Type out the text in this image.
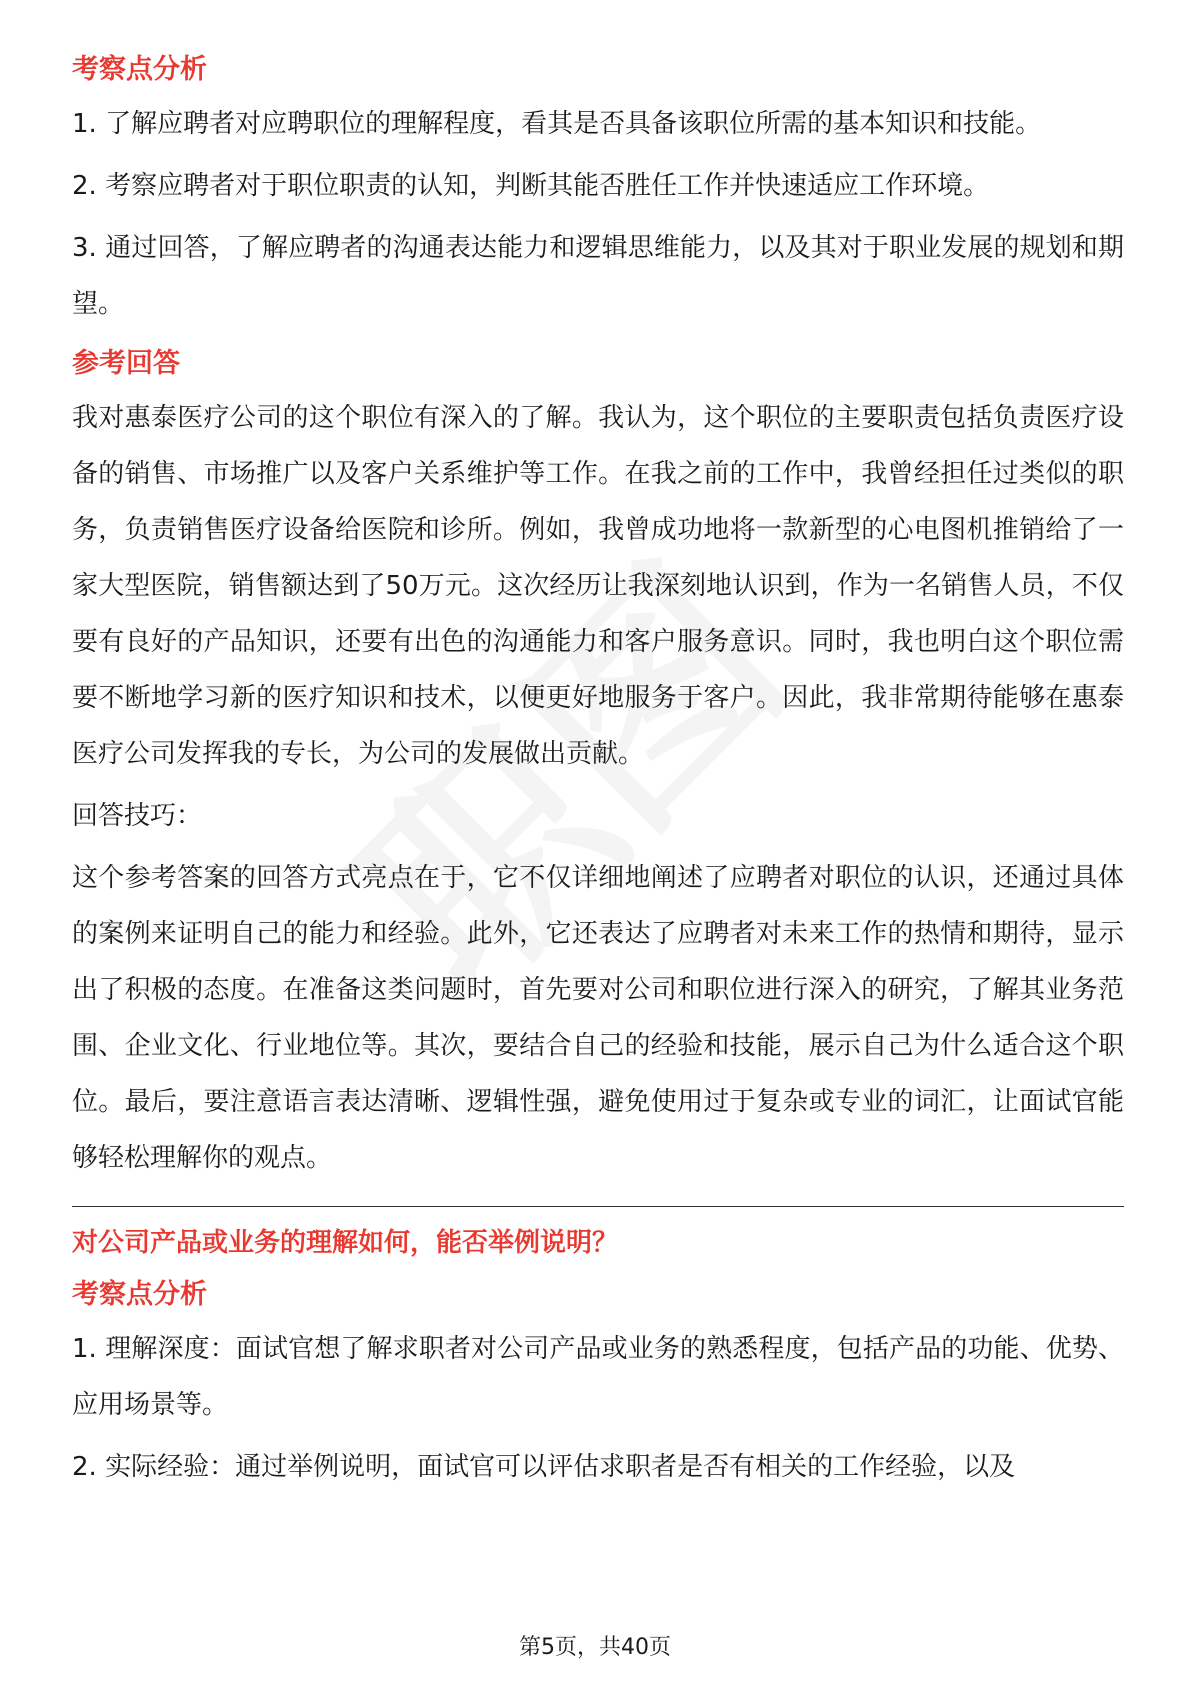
考察点分析

1. 了解应聘者对应聘职位的理解程度，看其是否具备该职位所需的基本知识和技能。

2. 考察应聘者对于职位职责的认知，判断其能否胜任工作并快速适应工作环境。

3. 通过回答，了解应聘者的沟通表达能力和逻辑思维能力，以及其对于职业发展的规划和期望。

参考回答

我对惠泰医疗公司的这个职位有深入的了解。我认为，这个职位的主要职责包括负责医疗设备的销售、市场推广以及客户关系维护等工作。在我之前的工作中，我曾经担任过类似的职务，负责销售医疗设备给医院和诊所。例如，我曾成功地将一款新型的心电图机推销给了一家大型医院，销售额达到了50万元。这次经历让我深刻地认识到，作为一名销售人员，不仅要有良好的产品知识，还要有出色的沟通能力和客户服务意识。同时，我也明白这个职位需要不断地学习新的医疗知识和技术，以便更好地服务于客户。因此，我非常期待能够在惠泰医疗公司发挥我的专长，为公司的发展做出贡献。

回答技巧：

这个参考答案的回答方式亮点在于，它不仅详细地阐述了应聘者对职位的认识，还通过具体的案例来证明自己的能力和经验。此外，它还表达了应聘者对未来工作的热情和期待，显示出了积极的态度。在准备这类问题时，首先要对公司和职位进行深入的研究，了解其业务范围、企业文化、行业地位等。其次，要结合自己的经验和技能，展示自己为什么适合这个职位。最后，要注意语言表达清晰、逻辑性强，避免使用过于复杂或专业的词汇，让面试官能够轻松理解你的观点。

对公司产品或业务的理解如何，能否举例说明？
考察点分析

1. 理解深度：面试官想了解求职者对公司产品或业务的熟悉程度，包括产品的功能、优势、应用场景等。

2. 实际经验：通过举例说明，面试官可以评估求职者是否有相关的工作经验，以及

第5页，共40页
